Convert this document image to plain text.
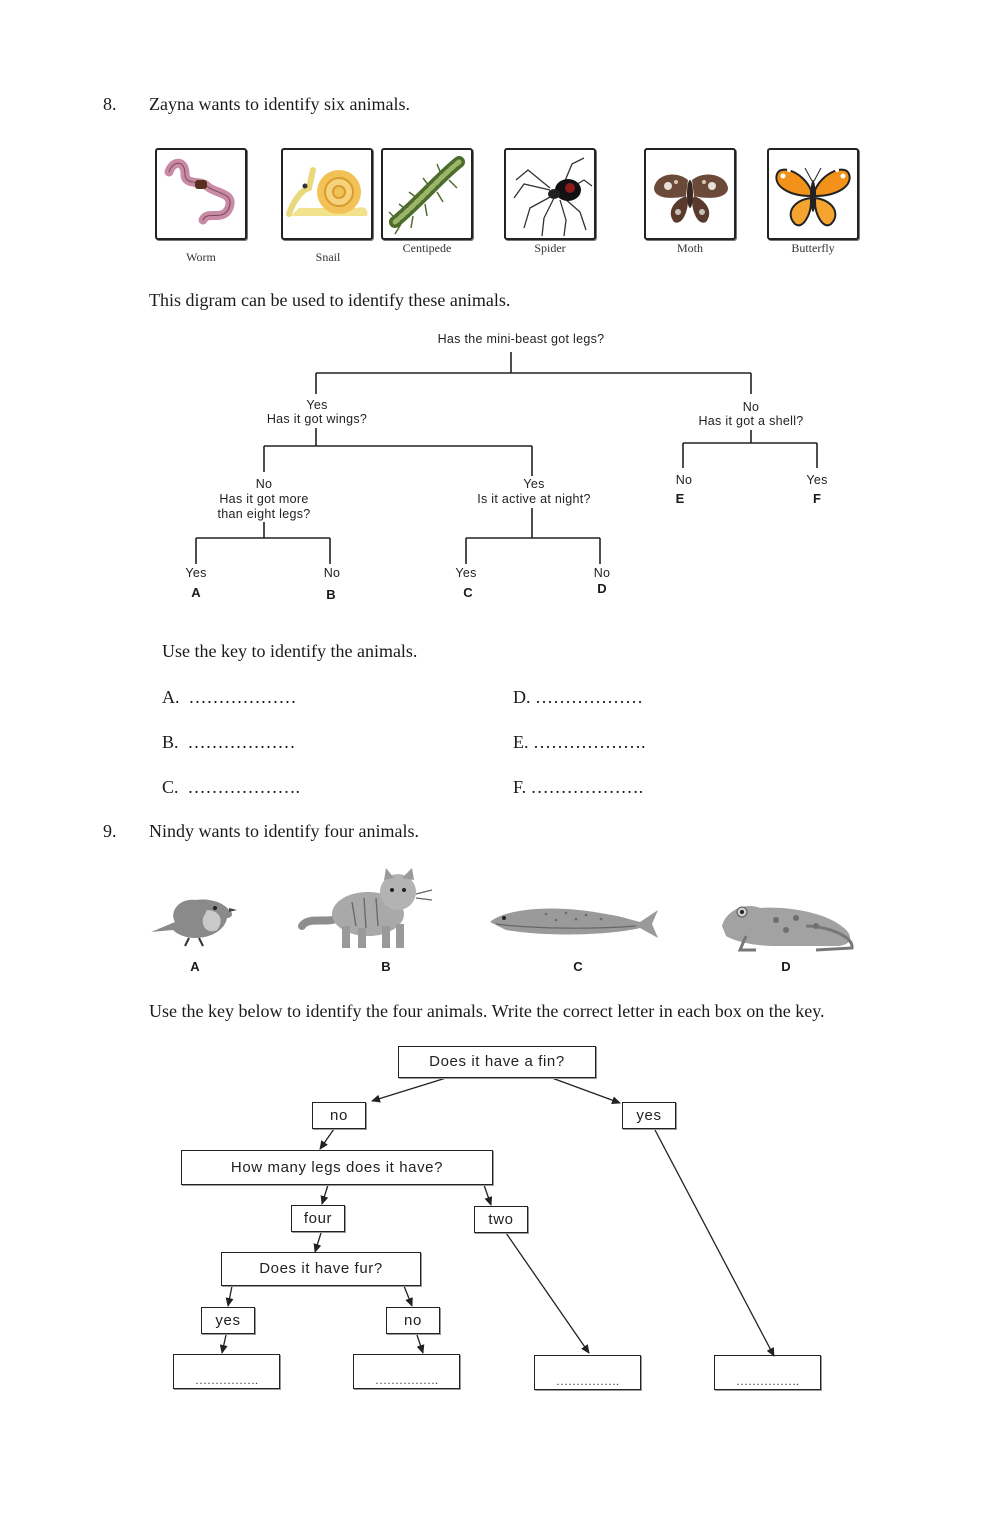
8. Zayna wants to identify six animals.
Worm	Snail
Centipede	Spider	Moth	Butterfly
This digram can be used to identify these animals.
Has the mini-beast got legs?
Yes
Has it got wings?
No
Has it got a shell?
No
Has it got more
than eight legs?
Yes
Is it active at night?
No	Yes
E	F
Yes	No	Yes	No
A	B	C	D
Use the key to identify the animals.
A. ………………	D. ………………
B. ………………	E. ……………….
C. ……………….	F. ……………….
9. Nindy wants to identify four animals.
A	B	C	D
Use the key below to identify the four animals. Write the correct letter in each box on the key.
Does it have a fin?
no	yes
How many legs does it have?
four	two
Does it have fur?
yes	no
…………….	…………….	…………….	…………….
